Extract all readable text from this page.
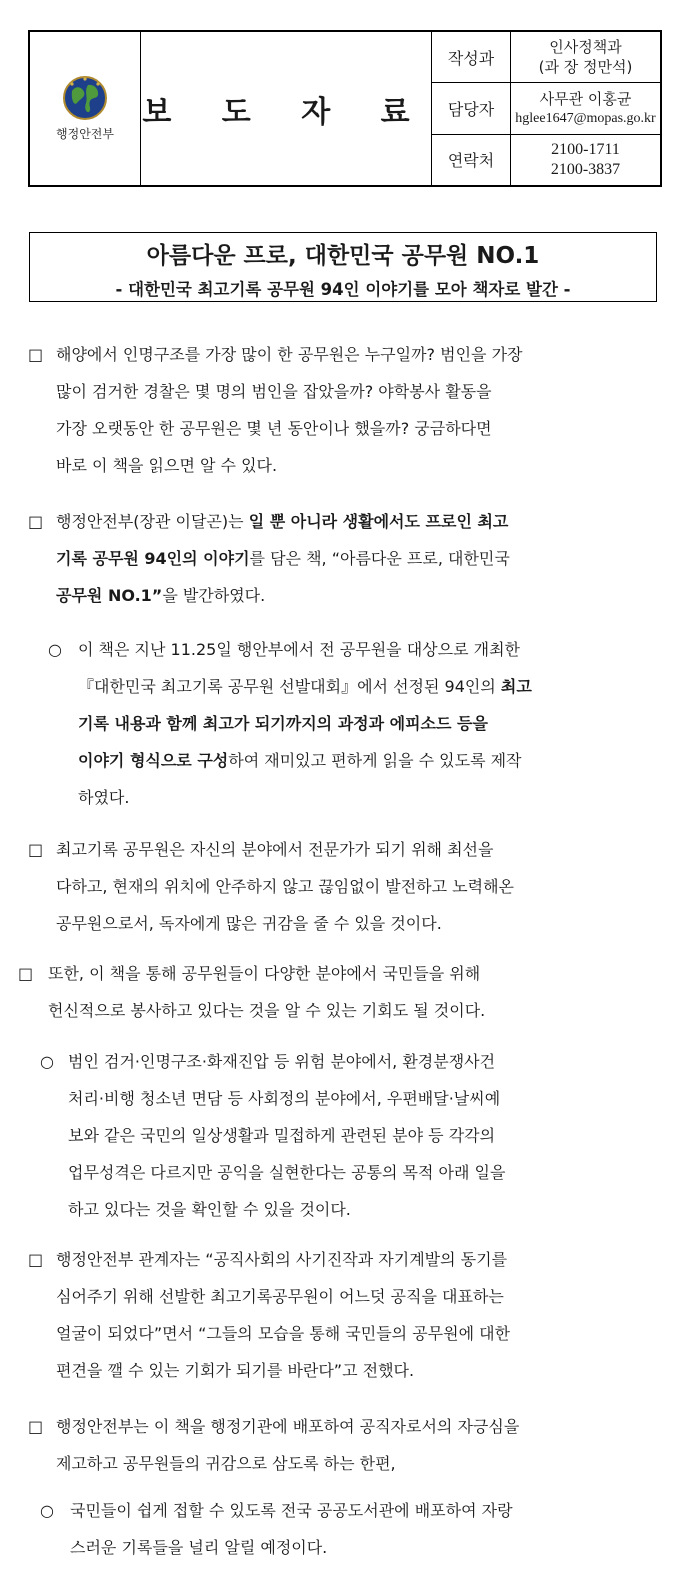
행정안전부	보 도 자 료	작성과	인사정책과
(과 장 정만석)

		담당자	사무관 이홍균
hglee1647@mopas.go.kr

		연락처	2100-1711
2100-3837
아름다운 프로, 대한민국 공무원 NO.1
- 대한민국 최고기록 공무원 94인 이야기를 모아 책자로 발간 -
□ 해양에서 인명구조를 가장 많이 한 공무원은 누구일까? 범인을 가장
많이 검거한 경찰은 몇 명의 범인을 잡았을까? 야학봉사 활동을
가장 오랫동안 한 공무원은 몇 년 동안이나 했을까? 궁금하다면
바로 이 책을 읽으면 알 수 있다.
□ 행정안전부(장관 이달곤)는 일 뿐 아니라 생활에서도 프로인 최고
기록 공무원 94인의 이야기를 담은 책, “아름다운 프로, 대한민국
공무원 NO.1”을 발간하였다.
○ 이 책은 지난 11.25일 행안부에서 전 공무원을 대상으로 개최한
『대한민국 최고기록 공무원 선발대회』에서 선정된 94인의 최고
기록 내용과 함께 최고가 되기까지의 과정과 에피소드 등을
이야기 형식으로 구성하여 재미있고 편하게 읽을 수 있도록 제작
하였다.
□ 최고기록 공무원은 자신의 분야에서 전문가가 되기 위해 최선을
다하고, 현재의 위치에 안주하지 않고 끊임없이 발전하고 노력해온
공무원으로서, 독자에게 많은 귀감을 줄 수 있을 것이다.
□ 또한, 이 책을 통해 공무원들이 다양한 분야에서 국민들을 위해
헌신적으로 봉사하고 있다는 것을 알 수 있는 기회도 될 것이다.
○ 범인 검거·인명구조·화재진압 등 위험 분야에서, 환경분쟁사건
처리·비행 청소년 면담 등 사회정의 분야에서, 우편배달·날씨예
보와 같은 국민의 일상생활과 밀접하게 관련된 분야 등 각각의
업무성격은 다르지만 공익을 실현한다는 공통의 목적 아래 일을
하고 있다는 것을 확인할 수 있을 것이다.
□ 행정안전부 관계자는 “공직사회의 사기진작과 자기계발의 동기를
심어주기 위해 선발한 최고기록공무원이 어느덧 공직을 대표하는
얼굴이 되었다”면서 “그들의 모습을 통해 국민들의 공무원에 대한
편견을 깰 수 있는 기회가 되기를 바란다”고 전했다.
□ 행정안전부는 이 책을 행정기관에 배포하여 공직자로서의 자긍심을
제고하고 공무원들의 귀감으로 삼도록 하는 한편,
○ 국민들이 쉽게 접할 수 있도록 전국 공공도서관에 배포하여 자랑
스러운 기록들을 널리 알릴 예정이다.
